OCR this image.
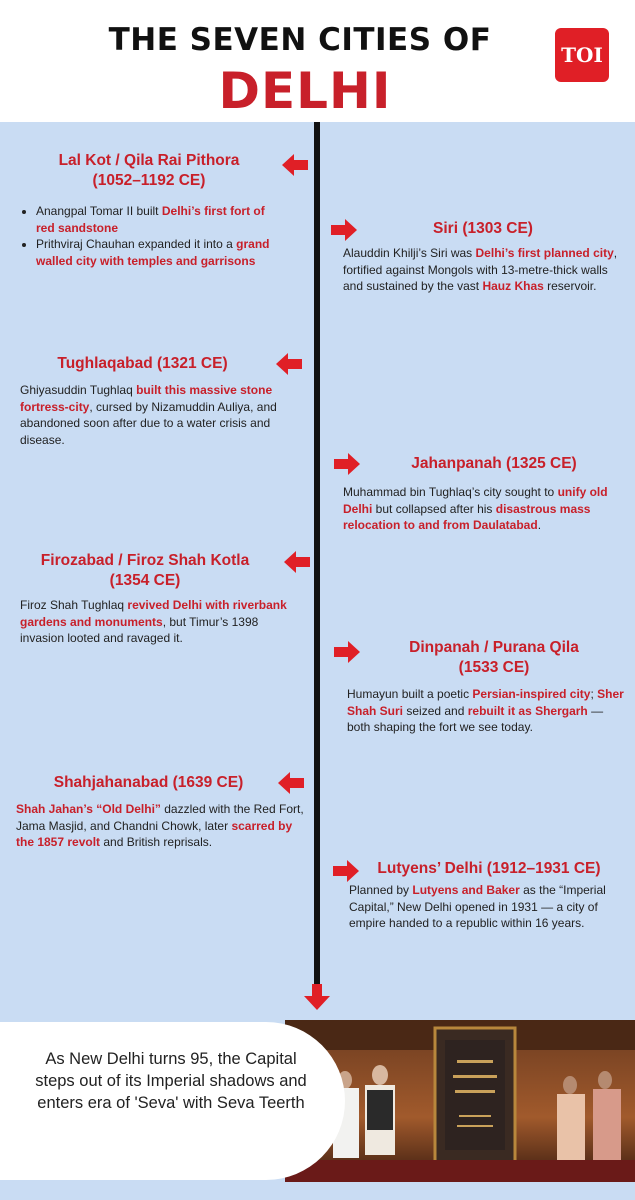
THE SEVEN CITIES OF
DELHI
TOI
Lal Kot / Qila Rai Pithora
(1052–1192 CE)
• Anangpal Tomar II built Delhi’s first fort of red sandstone
• Prithviraj Chauhan expanded it into a grand walled city with temples and garrisons
Siri (1303 CE)
Alauddin Khilji’s Siri was Delhi’s first planned city, fortified against Mongols with 13-metre-thick walls and sustained by the vast Hauz Khas reservoir.
Tughlaqabad (1321 CE)
Ghiyasuddin Tughlaq built this massive stone fortress-city, cursed by Nizamuddin Auliya, and abandoned soon after due to a water crisis and disease.
Jahanpanah (1325 CE)
Muhammad bin Tughlaq’s city sought to unify old Delhi but collapsed after his disastrous mass relocation to and from Daulatabad.
Firozabad / Firoz Shah Kotla
(1354 CE)
Firoz Shah Tughlaq revived Delhi with riverbank gardens and monuments, but Timur’s 1398 invasion looted and ravaged it.
Dinpanah / Purana Qila
(1533 CE)
Humayun built a poetic Persian-inspired city; Sher Shah Suri seized and rebuilt it as Shergarh — both shaping the fort we see today.
Shahjahanabad (1639 CE)
Shah Jahan’s “Old Delhi” dazzled with the Red Fort, Jama Masjid, and Chandni Chowk, later scarred by the 1857 revolt and British reprisals.
Lutyens’ Delhi (1912–1931 CE)
Planned by Lutyens and Baker as the “Imperial Capital,” New Delhi opened in 1931 — a city of empire handed to a republic within 16 years.
As New Delhi turns 95, the Capital steps out of its Imperial shadows and enters era of 'Seva' with Seva Teerth
